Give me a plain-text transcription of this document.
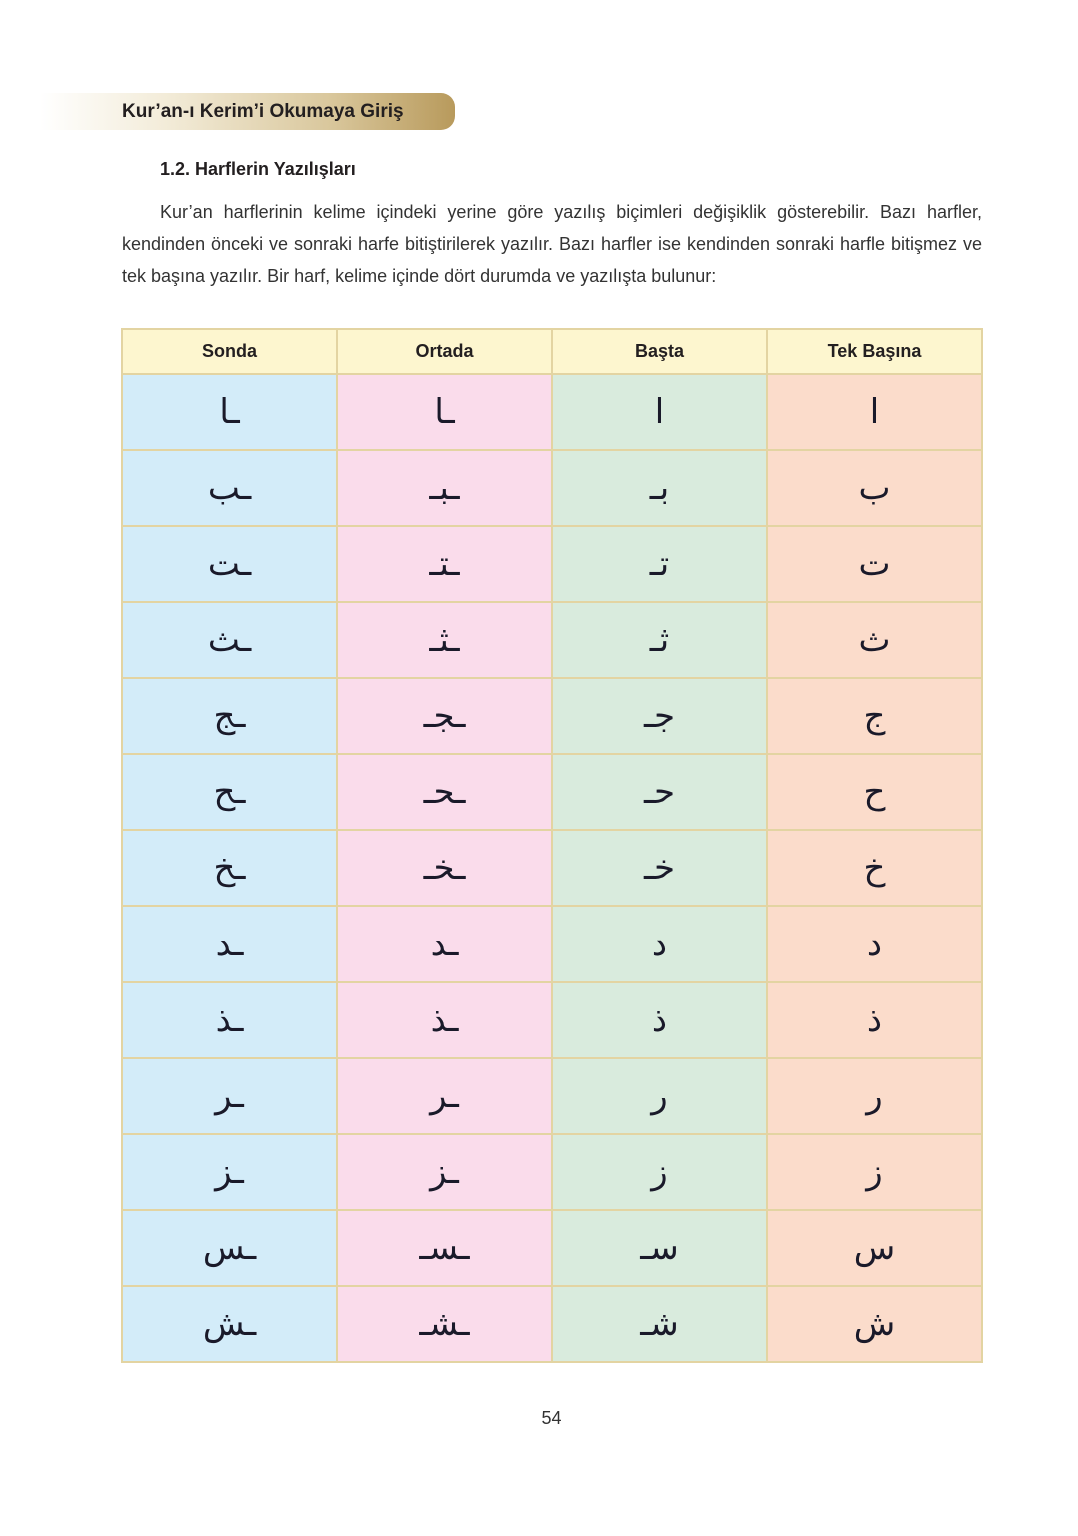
Kur’an-ı Kerim’i Okumaya Giriş
1.2. Harflerin Yazılışları
Kur’an harflerinin kelime içindeki yerine göre yazılış biçimleri değişiklik gösterebilir. Bazı harfler, kendinden önceki ve sonraki harfe bitiştirilerek yazılır. Bazı harfler ise kendinden sonraki harfle bitişmez ve tek başına yazılır. Bir harf, kelime içinde dört durumda ve yazılışta bulunur:
Sonda	Ortada	Başta	Tek Başına
ـا	ـا	ا	ا
ـب	ـبـ	بـ	ب
ـت	ـتـ	تـ	ت
ـث	ـثـ	ثـ	ث
ـج	ـجـ	جـ	ج
ـح	ـحـ	حـ	ح
ـخ	ـخـ	خـ	خ
ـد	ـد	د	د
ـذ	ـذ	ذ	ذ
ـر	ـر	ر	ر
ـز	ـز	ز	ز
ـس	ـسـ	سـ	س
ـش	ـشـ	شـ	ش
54
